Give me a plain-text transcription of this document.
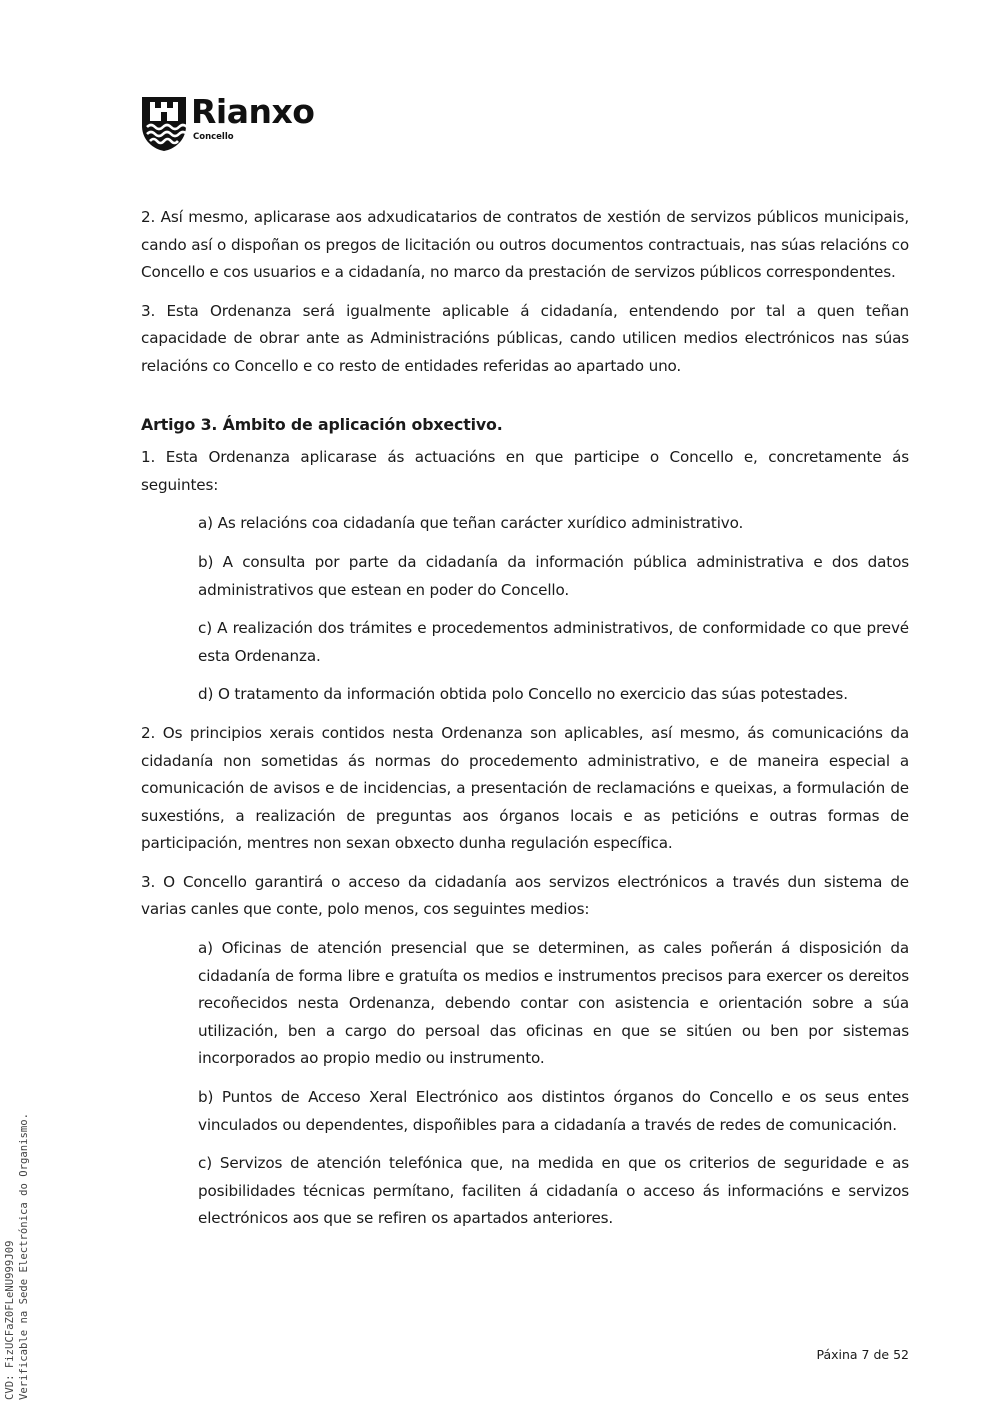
Rianxo
Concello

2. Así mesmo, aplicarase aos adxudicatarios de contratos de xestión de servizos públicos municipais, cando así o dispoñan os pregos de licitación ou outros documentos contractuais, nas súas relacións co Concello e cos usuarios e a cidadanía, no marco da prestación de servizos públicos correspondentes.

3. Esta Ordenanza será igualmente aplicable á cidadanía, entendendo por tal a quen teñan capacidade de obrar ante as Administracións públicas, cando utilicen medios electrónicos nas súas relacións co Concello e co resto de entidades referidas ao apartado uno.

Artigo 3. Ámbito de aplicación obxectivo.

1. Esta Ordenanza aplicarase ás actuacións en que participe o Concello e, concretamente ás seguintes:

a) As relacións coa cidadanía que teñan carácter xurídico administrativo.

b) A consulta por parte da cidadanía da información pública administrativa e dos datos administrativos que estean en poder do Concello.

c) A realización dos trámites e procedementos administrativos, de conformidade co que prevé esta Ordenanza.

d) O tratamento da información obtida polo Concello no exercicio das súas potestades.

2. Os principios xerais contidos nesta Ordenanza son aplicables, así mesmo, ás comunicacións da cidadanía non sometidas ás normas do procedemento administrativo, e de maneira especial a comunicación de avisos e de incidencias, a presentación de reclamacións e queixas, a formulación de suxestións, a realización de preguntas aos órganos locais e as peticións e outras formas de participación, mentres non sexan obxecto dunha regulación específica.

3. O Concello garantirá o acceso da cidadanía aos servizos electrónicos a través dun sistema de varias canles que conte, polo menos, cos seguintes medios:

a) Oficinas de atención presencial que se determinen, as cales poñerán á disposición da cidadanía de forma libre e gratuíta os medios e instrumentos precisos para exercer os dereitos recoñecidos nesta Ordenanza, debendo contar con asistencia e orientación sobre a súa utilización, ben a cargo do persoal das oficinas en que se sitúen ou ben por sistemas incorporados ao propio medio ou instrumento.

b) Puntos de Acceso Xeral Electrónico aos distintos órganos do Concello e os seus entes vinculados ou dependentes, dispoñibles para a cidadanía a través de redes de comunicación.

c) Servizos de atención telefónica que, na medida en que os criterios de seguridade e as posibilidades técnicas permítano, faciliten á cidadanía o acceso ás informacións e servizos electrónicos aos que se refiren os apartados anteriores.

Páxina 7 de 52
CVD: FizUCFaZ0FLeNU999J09 Verificable na Sede Electrónica do Organismo.
